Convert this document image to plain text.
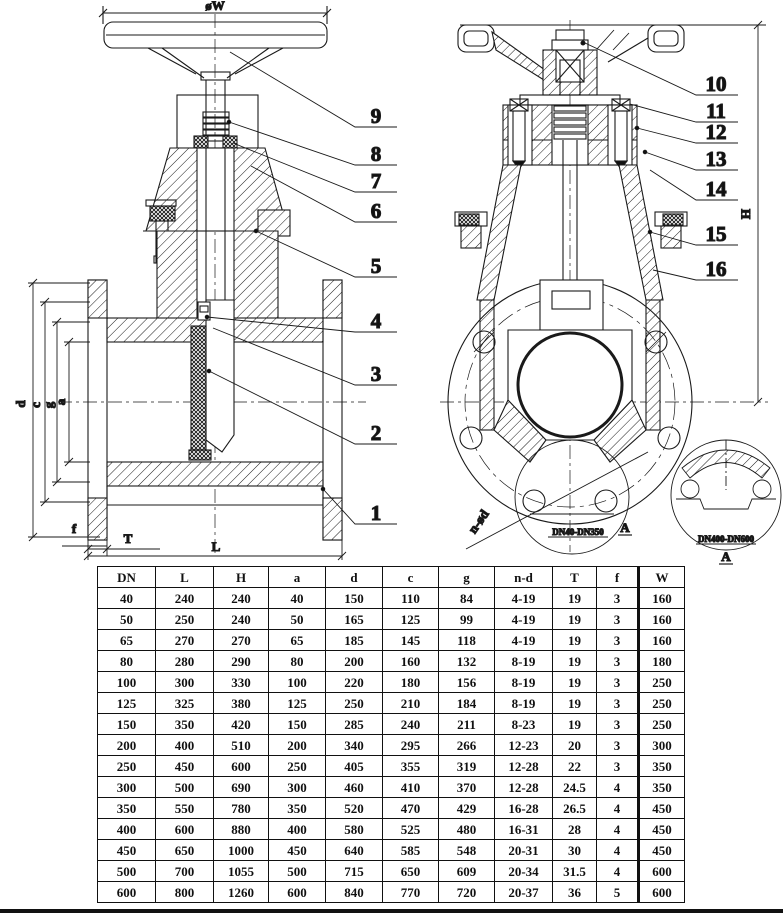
øW
d c
g
a
f
T
L
9
8
7
6
5
4
3
2
1
H
n-ød	DN40-DN350 A
DN400-DN600
A
10
11
12
13
14
15
16
DN	L	H	a	d	c	g	n-d	T	f	W
40	240	240	40	150	110	84	4-19	19	3	160
50	250	240	50	165	125	99	4-19	19	3	160
65	270	270	65	185	145	118	4-19	19	3	160
80	280	290	80	200	160	132	8-19	19	3	180
100	300	330	100	220	180	156	8-19	19	3	250
125	325	380	125	250	210	184	8-19	19	3	250
150	350	420	150	285	240	211	8-23	19	3	250
200	400	510	200	340	295	266	12-23	20	3	300
250	450	600	250	405	355	319	12-28	22	3	350
300	500	690	300	460	410	370	12-28	24.5	4	350
350	550	780	350	520	470	429	16-28	26.5	4	450
400	600	880	400	580	525	480	16-31	28	4	450
450	650	1000	450	640	585	548	20-31	30	4	450
500	700	1055	500	715	650	609	20-34	31.5	4	600
600	800	1260	600	840	770	720	20-37	36	5	600
